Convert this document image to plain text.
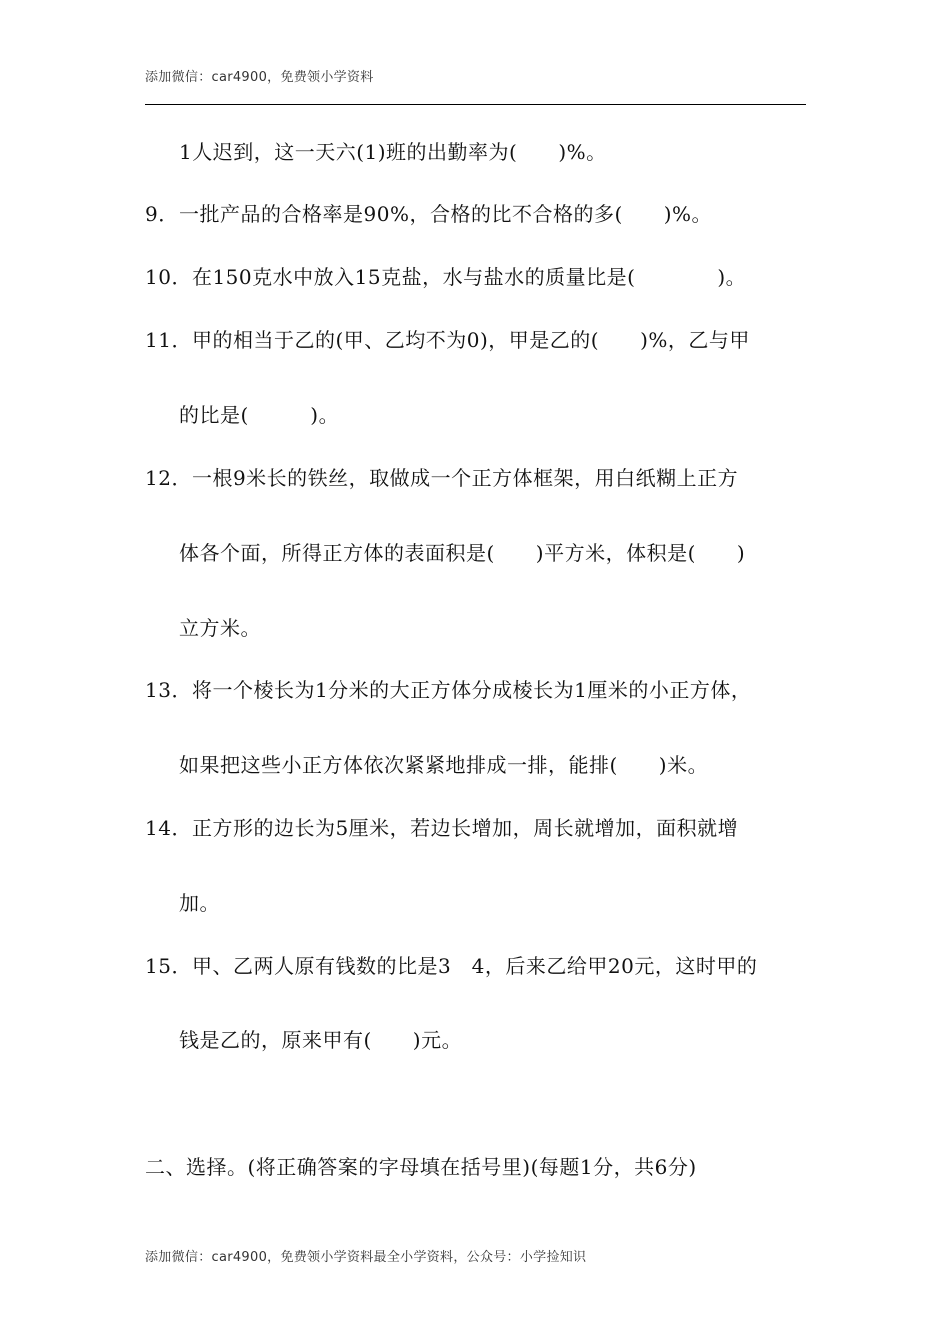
添加微信：car4900，免费领小学资料
1人迟到，这一天六(1)班的出勤率为(　　)%。
9．一批产品的合格率是90%，合格的比不合格的多(　　)%。
10．在150克水中放入15克盐，水与盐水的质量比是(　　　　)。
11．甲的相当于乙的(甲、乙均不为0)，甲是乙的(　　)%，乙与甲
的比是(　　　)。
12．一根9米长的铁丝，取做成一个正方体框架，用白纸糊上正方
体各个面，所得正方体的表面积是(　　)平方米，体积是(　　)
立方米。
13．将一个棱长为1分米的大正方体分成棱长为1厘米的小正方体，
如果把这些小正方体依次紧紧地排成一排，能排(　　)米。
14．正方形的边长为5厘米，若边长增加，周长就增加，面积就增
加。
15．甲、乙两人原有钱数的比是3　4，后来乙给甲20元，这时甲的
钱是乙的，原来甲有(　　)元。
二、选择。(将正确答案的字母填在括号里)(每题1分，共6分)
添加微信：car4900，免费领小学资料最全小学资料，公众号：小学捡知识
